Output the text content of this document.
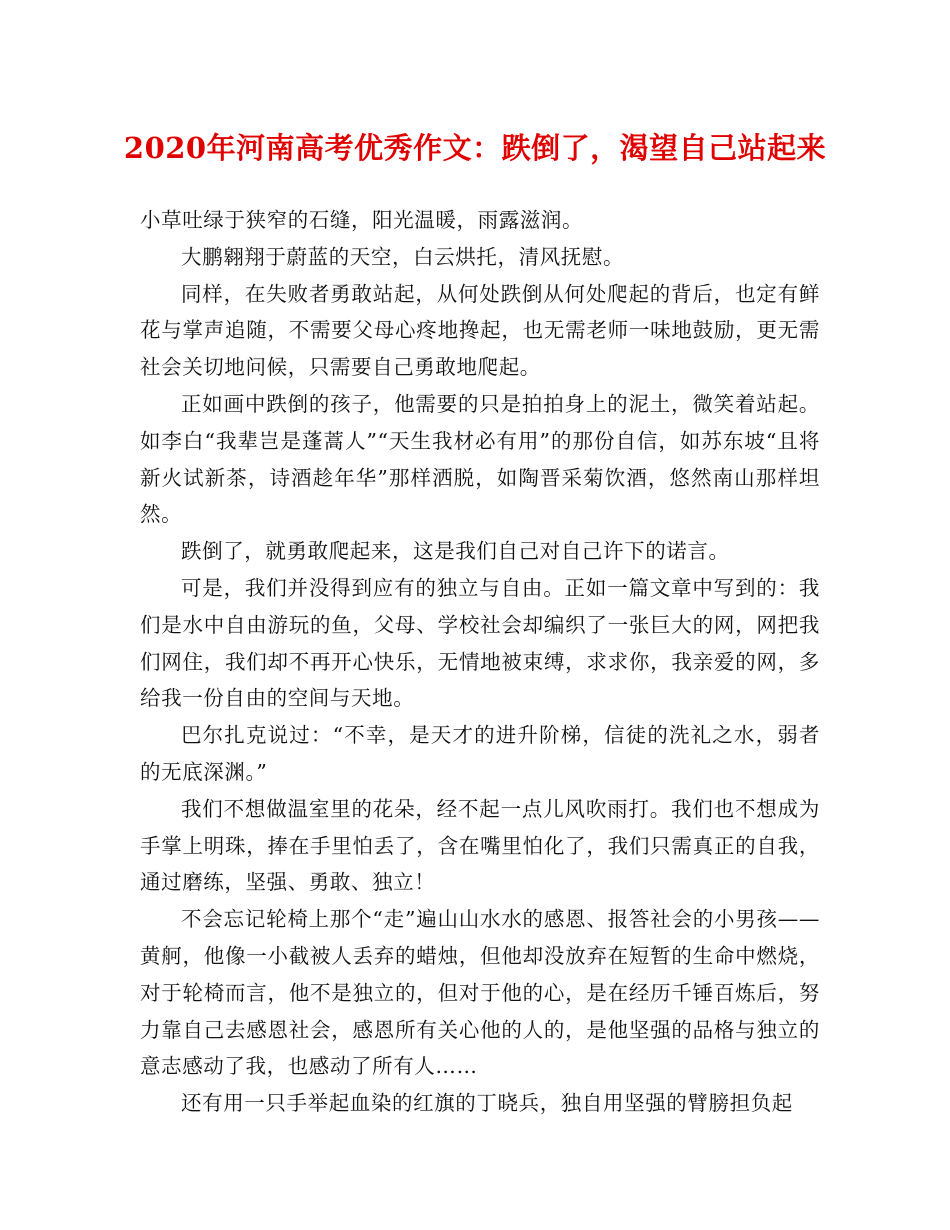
2020年河南高考优秀作文：跌倒了，渴望自己站起来

小草吐绿于狭窄的石缝，阳光温暖，雨露滋润。

大鹏翱翔于蔚蓝的天空，白云烘托，清风抚慰。

同样，在失败者勇敢站起，从何处跌倒从何处爬起的背后，也定有鲜花与掌声追随，不需要父母心疼地搀起，也无需老师一味地鼓励，更无需社会关切地问候，只需要自己勇敢地爬起。

正如画中跌倒的孩子，他需要的只是拍拍身上的泥土，微笑着站起。如李白“我辈岂是蓬蒿人”“天生我材必有用”的那份自信，如苏东坡“且将新火试新茶，诗酒趁年华”那样洒脱，如陶晋采菊饮酒，悠然南山那样坦然。

跌倒了，就勇敢爬起来，这是我们自己对自己许下的诺言。

可是，我们并没得到应有的独立与自由。正如一篇文章中写到的：我们是水中自由游玩的鱼，父母、学校社会却编织了一张巨大的网，网把我们网住，我们却不再开心快乐，无情地被束缚，求求你，我亲爱的网，多给我一份自由的空间与天地。

巴尔扎克说过：“不幸，是天才的进升阶梯，信徒的洗礼之水，弱者的无底深渊。”

我们不想做温室里的花朵，经不起一点儿风吹雨打。我们也不想成为手掌上明珠，捧在手里怕丢了，含在嘴里怕化了，我们只需真正的自我，通过磨练，坚强、勇敢、独立！

不会忘记轮椅上那个“走”遍山山水水的感恩、报答社会的小男孩——黄舸，他像一小截被人丢弃的蜡烛，但他却没放弃在短暂的生命中燃烧，对于轮椅而言，他不是独立的，但对于他的心，是在经历千锤百炼后，努力靠自己去感恩社会，感恩所有关心他的人的，是他坚强的品格与独立的意志感动了我，也感动了所有人……

还有用一只手举起血染的红旗的丁晓兵，独自用坚强的臂膀担负起
